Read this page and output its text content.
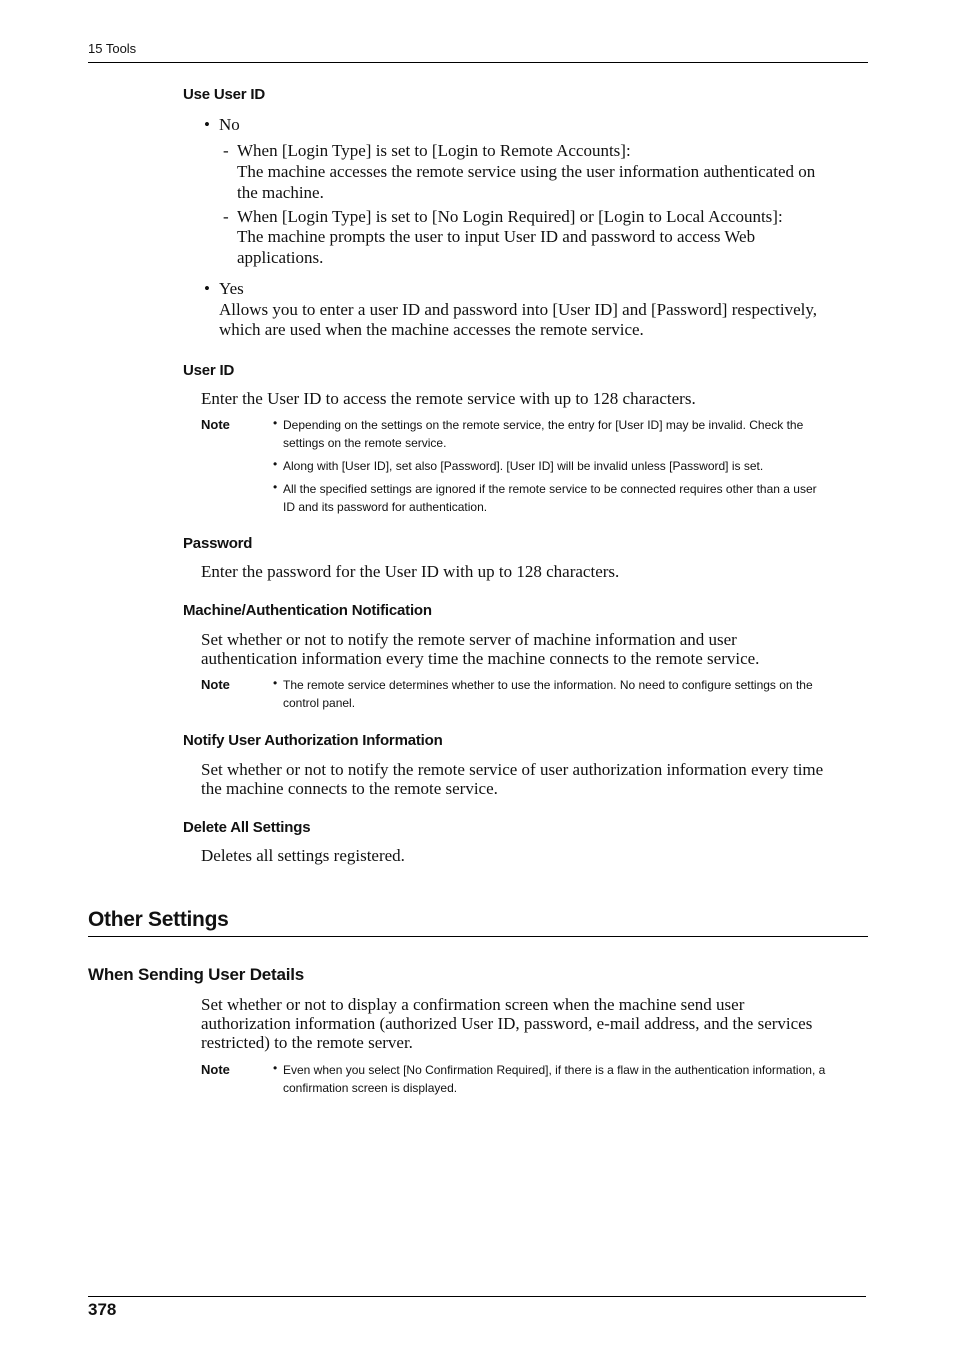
15 Tools
Use User ID
• No
- When [Login Type] is set to [Login to Remote Accounts]:
The machine accesses the remote service using the user information authenticated on
the machine.
- When [Login Type] is set to [No Login Required] or [Login to Local Accounts]:
The machine prompts the user to input User ID and password to access Web
applications.
• Yes
Allows you to enter a user ID and password into [User ID] and [Password] respectively,
which are used when the machine accesses the remote service.
User ID
Enter the User ID to access the remote service with up to 128 characters.
Note	• Depending on the settings on the remote service, the entry for [User ID] may be invalid. Check the
settings on the remote service.
• Along with [User ID], set also [Password]. [User ID] will be invalid unless [Password] is set.
• All the specified settings are ignored if the remote service to be connected requires other than a user
ID and its password for authentication.
Password
Enter the password for the User ID with up to 128 characters.
Machine/Authentication Notification
Set whether or not to notify the remote server of machine information and user
authentication information every time the machine connects to the remote service.
Note	• The remote service determines whether to use the information. No need to configure settings on the
control panel.
Notify User Authorization Information
Set whether or not to notify the remote service of user authorization information every time
the machine connects to the remote service.
Delete All Settings
Deletes all settings registered.
Other Settings
When Sending User Details
Set whether or not to display a confirmation screen when the machine send user
authorization information (authorized User ID, password, e-mail address, and the services
restricted) to the remote server.
Note	• Even when you select [No Confirmation Required], if there is a flaw in the authentication information, a
confirmation screen is displayed.
378
